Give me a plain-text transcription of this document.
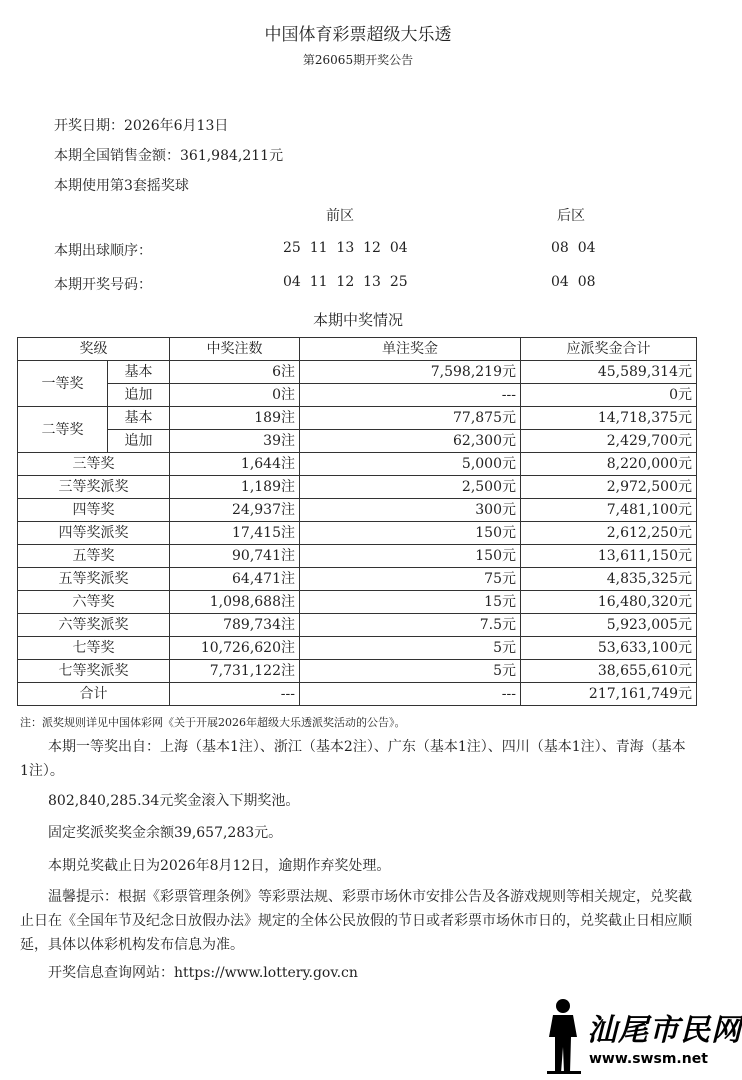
中国体育彩票超级大乐透
第26065期开奖公告
开奖日期：2026年6月13日
本期全国销售金额：361,984,211元
本期使用第3套摇奖球
前区	后区
本期出球顺序：	25  11  13  12  04	08  04
本期开奖号码：	04  11  12  13  25	04  08
本期中奖情况
奖级		中奖注数	单注奖金	应派奖金合计
一等奖	基本	6注	7,598,219元	45,589,314元
	追加	0注	---	0元
二等奖	基本	189注	77,875元	14,718,375元
	追加	39注	62,300元	2,429,700元
三等奖		1,644注	5,000元	8,220,000元
三等奖派奖		1,189注	2,500元	2,972,500元
四等奖		24,937注	300元	7,481,100元
四等奖派奖		17,415注	150元	2,612,250元
五等奖		90,741注	150元	13,611,150元
五等奖派奖		64,471注	75元	4,835,325元
六等奖		1,098,688注	15元	16,480,320元
六等奖派奖		789,734注	7.5元	5,923,005元
七等奖		10,726,620注	5元	53,633,100元
七等奖派奖		7,731,122注	5元	38,655,610元
合计		---	---	217,161,749元
注：派奖规则详见中国体彩网《关于开展2026年超级大乐透派奖活动的公告》。
本期一等奖出自：上海（基本1注）、浙江（基本2注）、广东（基本1注）、四川（基本1注）、青海（基本1注）。
802,840,285.34元奖金滚入下期奖池。
固定奖派奖奖金余额39,657,283元。
本期兑奖截止日为2026年8月12日，逾期作弃奖处理。
温馨提示：根据《彩票管理条例》等彩票法规、彩票市场休市安排公告及各游戏规则等相关规定，兑奖截止日在《全国年节及纪念日放假办法》规定的全体公民放假的节日或者彩票市场休市日的，兑奖截止日相应顺延，具体以体彩机构发布信息为准。
开奖信息查询网站：https://www.lottery.gov.cn
汕尾市民网
www.swsm.net
